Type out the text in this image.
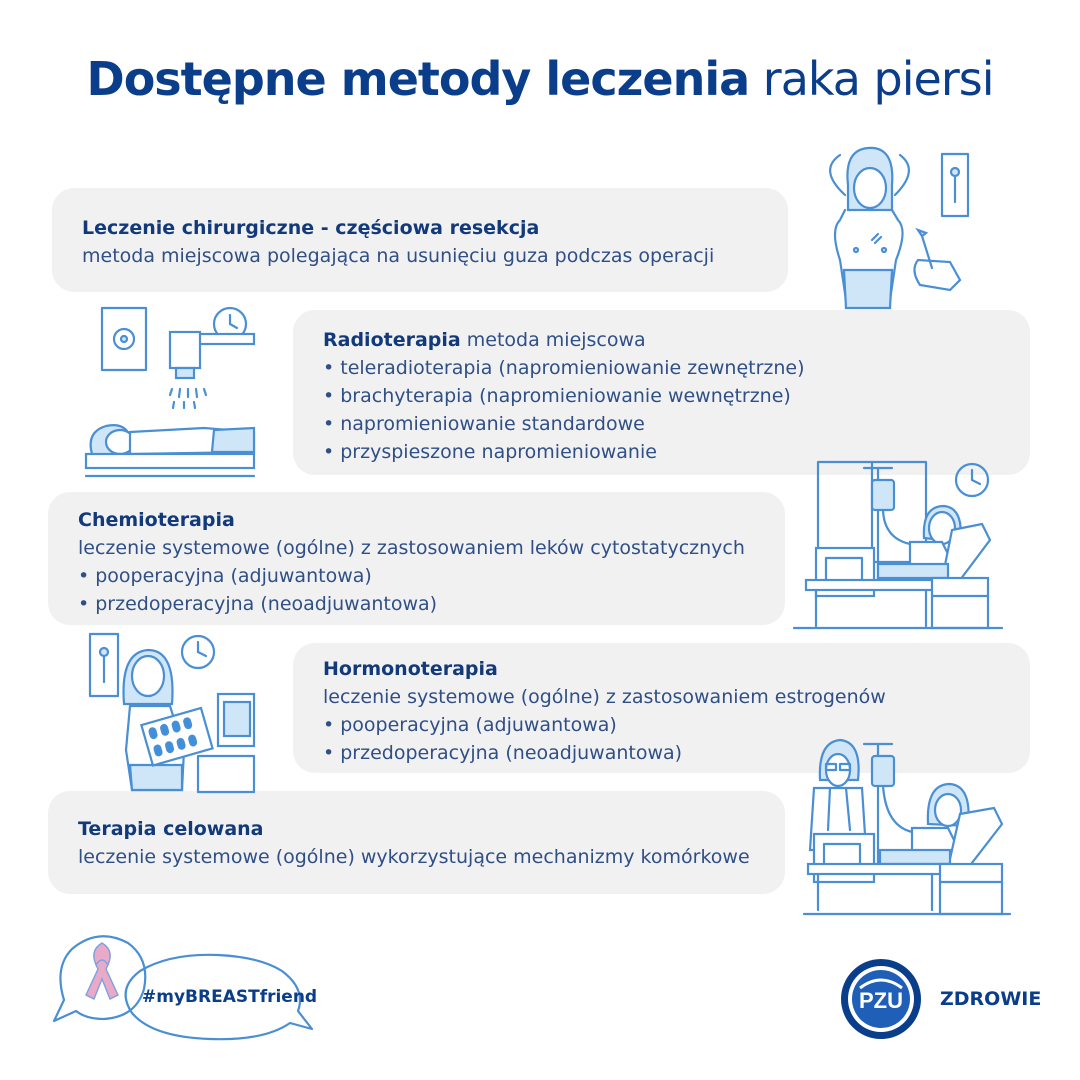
Dostępne metody leczenia raka piersi
Leczenie chirurgiczne - częściowa resekcja
metoda miejscowa polegająca na usunięciu guza podczas operacji
Radioterapia metoda miejscowa
• teleradioterapia (napromieniowanie zewnętrzne)
• brachyterapia (napromieniowanie wewnętrzne)
• napromieniowanie standardowe
• przyspieszone napromieniowanie
Chemioterapia
leczenie systemowe (ogólne) z zastosowaniem leków cytostatycznych
• pooperacyjna (adjuwantowa)
• przedoperacyjna (neoadjuwantowa)
Hormonoterapia
leczenie systemowe (ogólne) z zastosowaniem estrogenów
• pooperacyjna (adjuwantowa)
• przedoperacyjna (neoadjuwantowa)
Terapia celowana
leczenie systemowe (ogólne) wykorzystujące mechanizmy komórkowe
#myBREASTfriend	PZU ZDROWIE
